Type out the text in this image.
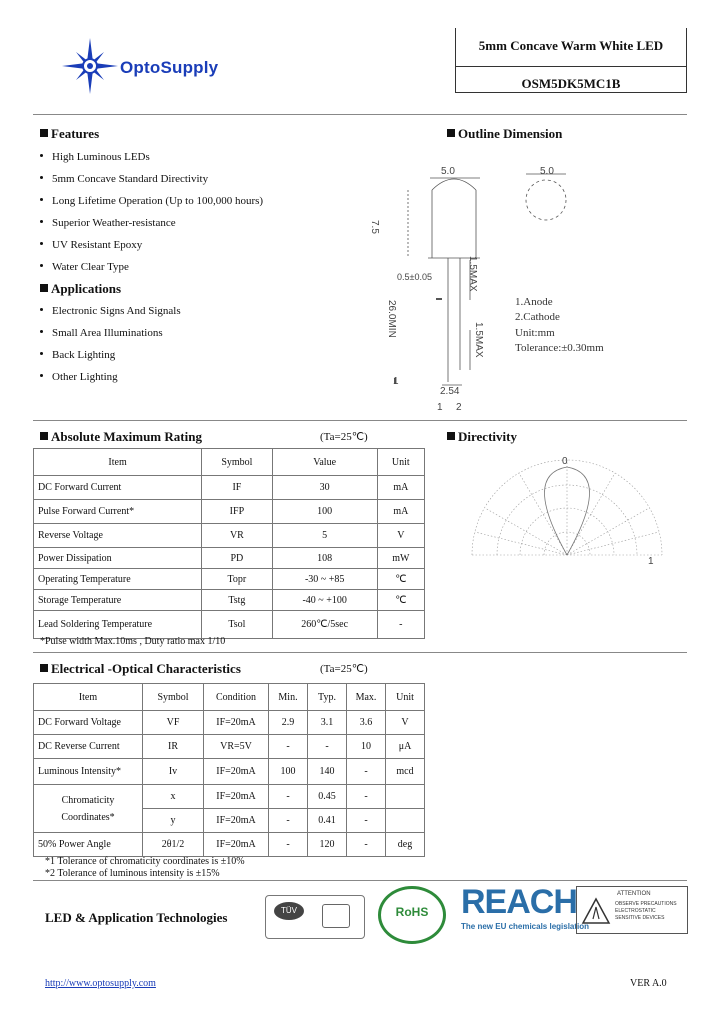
OptoSupply
5mm Concave Warm White LED
OSM5DK5MC1B
Features
High Luminous LEDs
5mm Concave Standard Directivity
Long Lifetime Operation (Up to 100,000 hours)
Superior Weather-resistance
UV Resistant Epoxy
Water Clear Type
Applications
Electronic Signs And Signals
Small Area Illuminations
Back Lighting
Other Lighting
Outline Dimension
5.0	5.0
7.5
0.5±0.05	1.5MAX
26.0MIN
1.5MAX
2.54
1 2
1
1.Anode
2.Cathode
Unit:mm
Tolerance:±0.30mm
Absolute Maximum Rating	(Ta=25℃)
Item	Symbol	Value	Unit
DC Forward Current	IF	30	mA
Pulse Forward Current*	IFP	100	mA
Reverse Voltage	VR	5	V
Power Dissipation	PD	108	mW
Operating Temperature	Topr	-30 ~ +85	℃
Storage Temperature	Tstg	-40 ~ +100	℃
Lead Soldering Temperature	Tsol	260℃/5sec	-
*Pulse width Max.10ms , Duty ratio max 1/10
Directivity
0
1
Electrical -Optical Characteristics	(Ta=25℃)
Item	Symbol	Condition	Min.	Typ.	Max.	Unit
DC Forward Voltage	VF	IF=20mA	2.9	3.1	3.6	V
DC Reverse Current	IR	VR=5V	-	-	10	μA
Luminous Intensity*	Iv	IF=20mA	100	140	-	mcd

Chromaticity
Coordinates*	x	IF=20mA	-	0.45	-	
	y	IF=20mA	-	0.41	-	
50% Power Angle	2θ1/2	IF=20mA	-	120	-	deg
*1 Tolerance of chromaticity coordinates is ±10%
*2 Tolerance of luminous intensity is ±15%
LED & Application Technologies	TÜV	RoHS REACH
The new EU chemicals legislation
ATTENTION
OBSERVE PRECAUTIONS
ELECTROSTATIC
SENSITIVE DEVICES
http://www.optosupply.com	VER A.0
